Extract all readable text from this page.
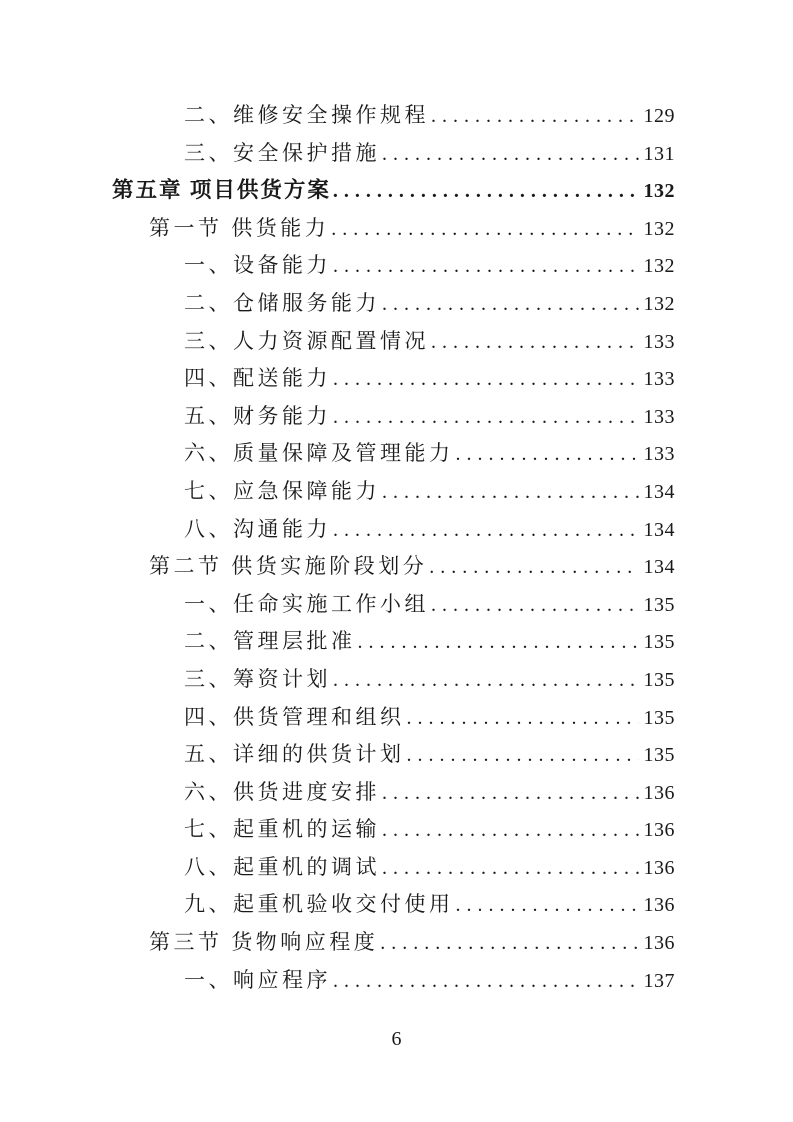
二、维修安全操作规程 .....	129
三、安全保护措施 .....	131
第五章 项目供货方案 .....	132
第一节 供货能力 .....	132
一、设备能力 .....	132
二、仓储服务能力 .....	132
三、人力资源配置情况 .....	133
四、配送能力 .....	133
五、财务能力 .....	133
六、质量保障及管理能力 .....	133
七、应急保障能力 .....	134
八、沟通能力 .....	134
第二节 供货实施阶段划分 .....	134
一、任命实施工作小组 .....	135
二、管理层批准 .....	135
三、筹资计划 .....	135
四、供货管理和组织 .....	135
五、详细的供货计划 .....	135
六、供货进度安排 .....	136
七、起重机的运输 .....	136
八、起重机的调试 .....	136
九、起重机验收交付使用 .....	136
第三节 货物响应程度 .....	136
一、响应程序 .....	137
6
